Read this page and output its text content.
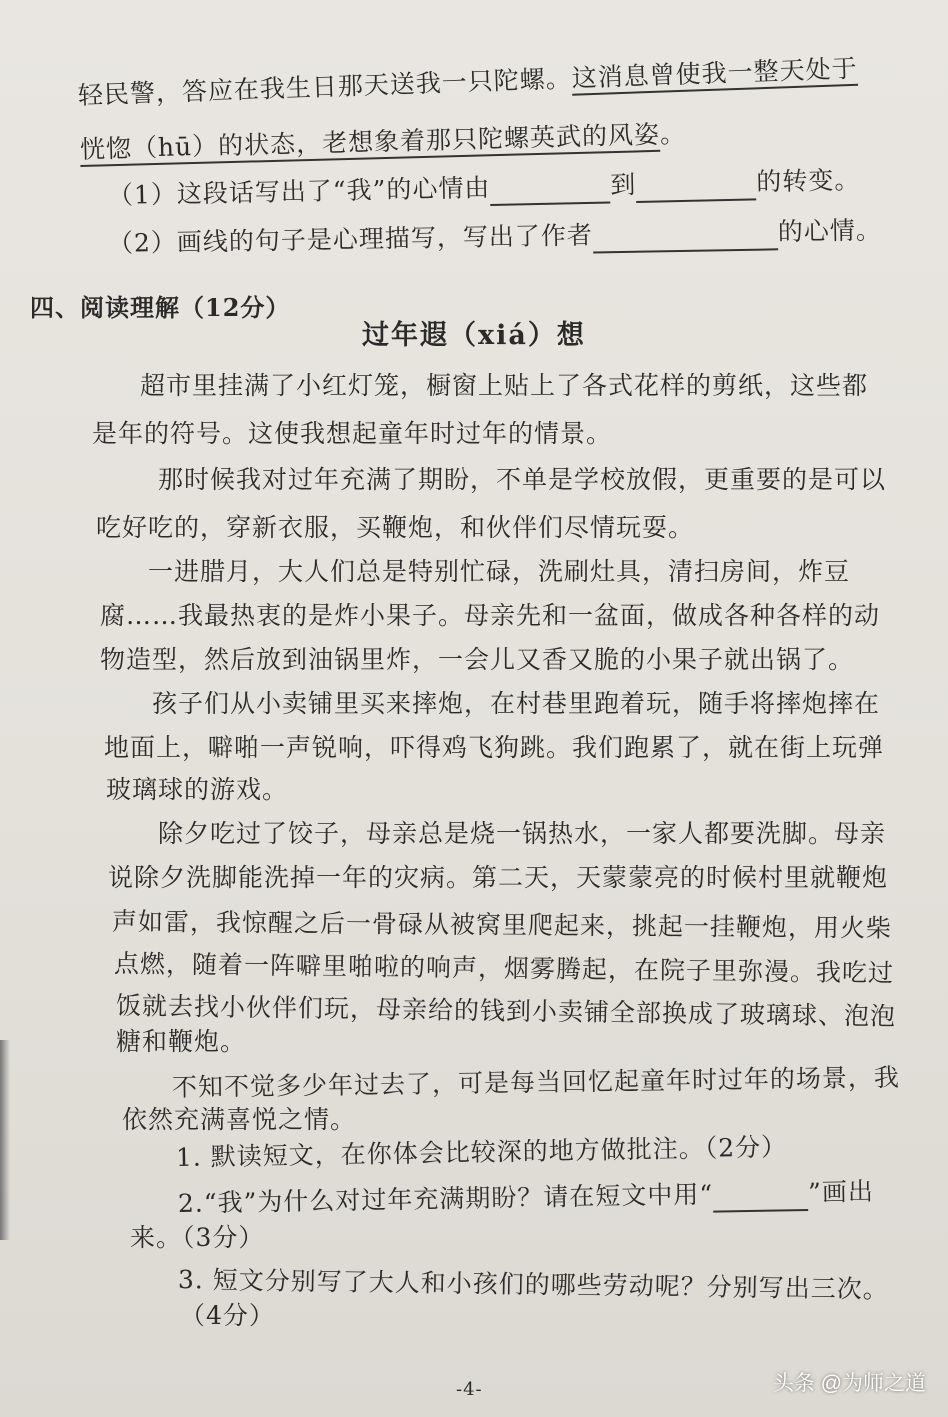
轻民警，答应在我生日那天送我一只陀螺。这消息曾使我一整天处于
恍惚（hū）的状态，老想象着那只陀螺英武的风姿。
（1）这段话写出了“我”的心情由	到	的转变。
（2）画线的句子是心理描写，写出了作者	的心情。
四、阅读理解（12分）
过年遐（xiá）想
超市里挂满了小红灯笼，橱窗上贴上了各式花样的剪纸，这些都
是年的符号。这使我想起童年时过年的情景。
那时候我对过年充满了期盼，不单是学校放假，更重要的是可以
吃好吃的，穿新衣服，买鞭炮，和伙伴们尽情玩耍。
一进腊月，大人们总是特别忙碌，洗刷灶具，清扫房间，炸豆
腐……我最热衷的是炸小果子。母亲先和一盆面，做成各种各样的动
物造型，然后放到油锅里炸，一会儿又香又脆的小果子就出锅了。
孩子们从小卖铺里买来摔炮，在村巷里跑着玩，随手将摔炮摔在
地面上，噼啪一声锐响，吓得鸡飞狗跳。我们跑累了，就在街上玩弹
玻璃球的游戏。
除夕吃过了饺子，母亲总是烧一锅热水，一家人都要洗脚。母亲
说除夕洗脚能洗掉一年的灾病。第二天，天蒙蒙亮的时候村里就鞭炮
声如雷，我惊醒之后一骨碌从被窝里爬起来，挑起一挂鞭炮，用火柴
点燃，随着一阵噼里啪啦的响声，烟雾腾起，在院子里弥漫。我吃过
饭就去找小伙伴们玩，母亲给的钱到小卖铺全部换成了玻璃球、泡泡
糖和鞭炮。
不知不觉多少年过去了，可是每当回忆起童年时过年的场景，我
依然充满喜悦之情。
1. 默读短文，在你体会比较深的地方做批注。（2分）
2.“我”为什么对过年充满期盼？请在短文中用“	”画出
来。（3分）
3. 短文分别写了大人和小孩们的哪些劳动呢？分别写出三次。
（4分）
-4-	头条 @为师之道
